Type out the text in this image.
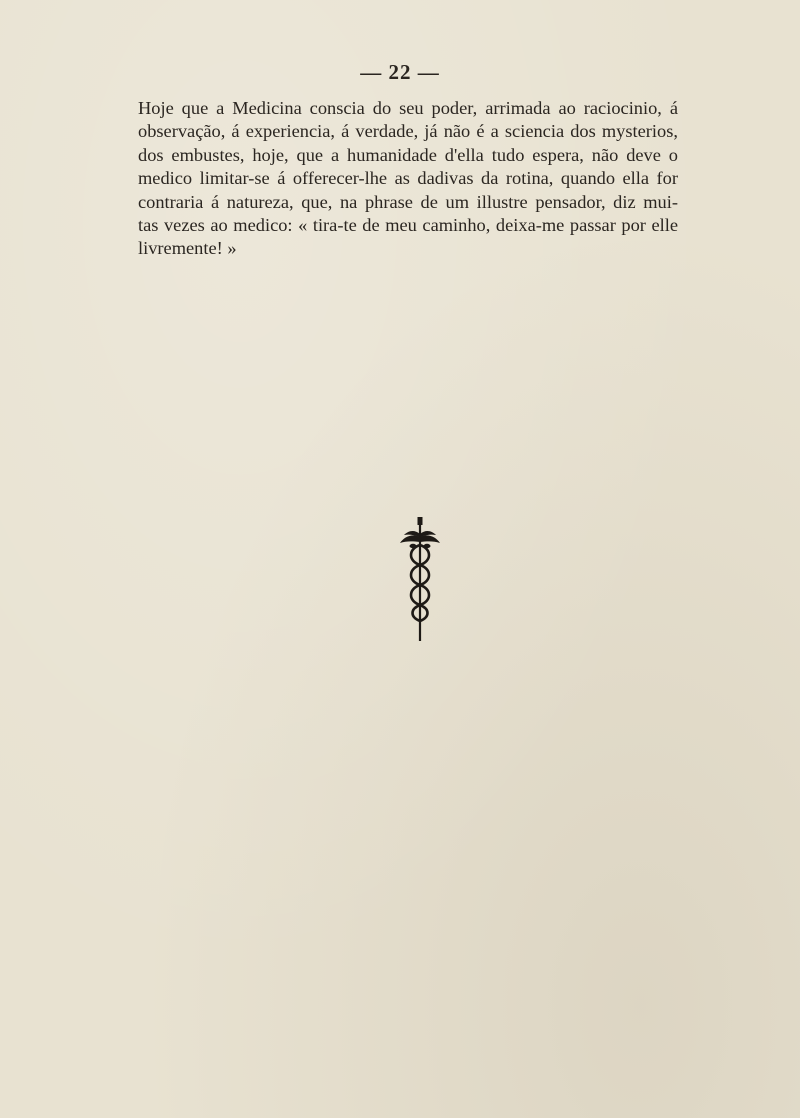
— 22 —
Hoje que a Medicina conscia do seu poder, arrimada ao raciocinio, á
observação, á experiencia, á verdade, já não é a sciencia dos mysterios,
dos embustes, hoje, que a humanidade d'ella tudo espera, não deve o
medico limitar-se á offerecer-lhe as dadivas da rotina, quando ella for
contraria á natureza, que, na phrase de um illustre pensador, diz mui-
tas vezes ao medico: « tira-te de meu caminho, deixa-me passar por elle
livremente! »
